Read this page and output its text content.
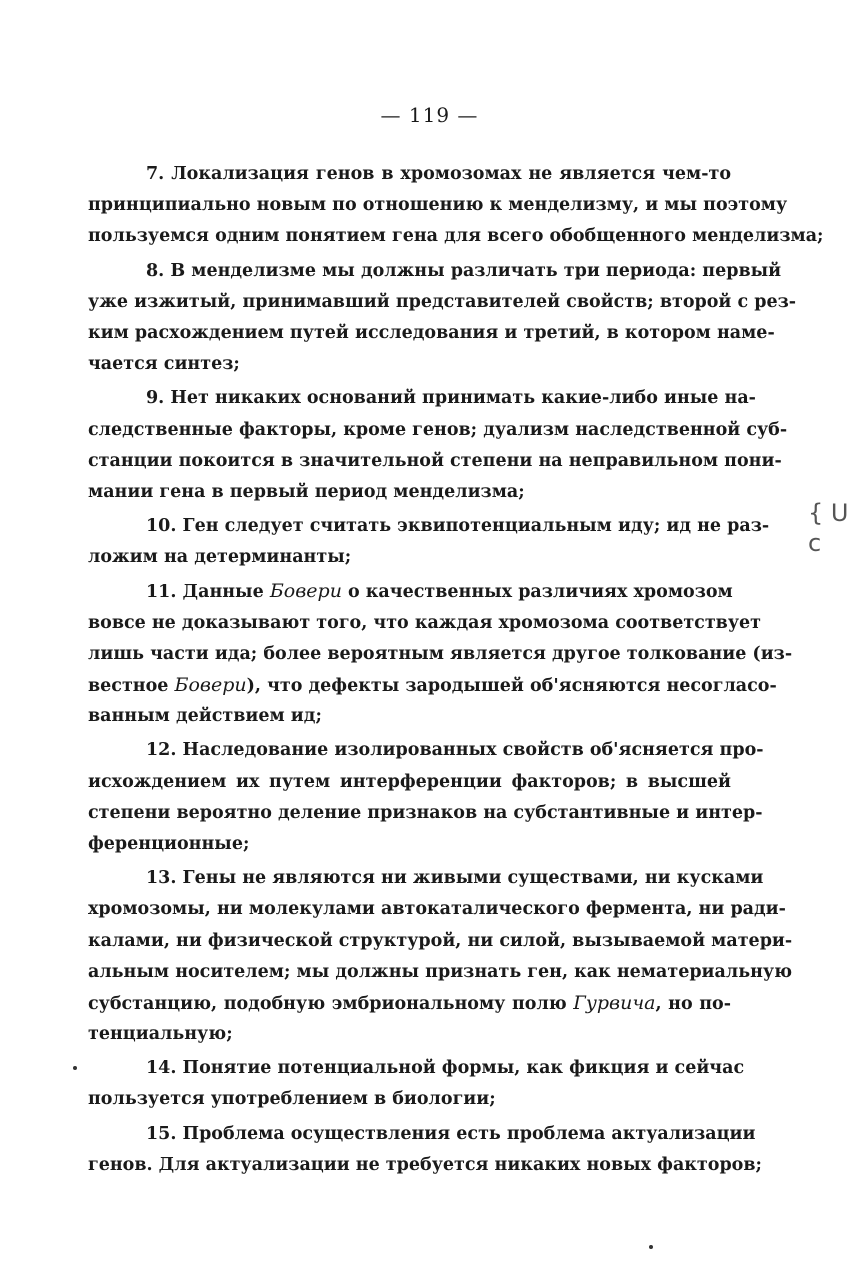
— 119 —
7. Локализация генов в хромозомах не является чем-то
принципиально новым по отношению к менделизму, и мы поэтому
пользуемся одним понятием гена для всего обобщенного менделизма;
8. В менделизме мы должны различать три периода: первый
уже изжитый, принимавший представителей свойств; второй с рез-
ким расхождением путей исследования и третий, в котором наме-
чается синтез;
9. Нет никаких оснований принимать какие-либо иные на-
следственные факторы, кроме генов; дуализм наследственной суб-
станции покоится в значительной степени на неправильном пони-
мании гена в первый период менделизма;
10. Ген следует считать эквипотенциальным иду; ид не раз-
ложим на детерминанты;
11. Данные Бовери о качественных различиях хромозом
вовсе не доказывают того, что каждая хромозома соответствует
лишь части ида; более вероятным является другое толкование (из-
вестное Бовери), что дефекты зародышей об'ясняются несогласо-
ванным действием ид;
12. Наследование изолированных свойств об'ясняется про-
исхождением их путем интерференции факторов; в высшей
степени вероятно деление признаков на субстантивные и интер-
ференционные;
13. Гены не являются ни живыми существами, ни кусками
хромозомы, ни молекулами автокаталического фермента, ни ради-
калами, ни физической структурой, ни силой, вызываемой матери-
альным носителем; мы должны признать ген, как нематериальную
субстанцию, подобную эмбриональному полю Гурвича, но по-
тенциальную;
14. Понятие потенциальной формы, как фикция и сейчас
пользуется употреблением в биологии;
15. Проблема осуществления есть проблема актуализации
генов. Для актуализации не требуется никаких новых факторов;
{ U
c
